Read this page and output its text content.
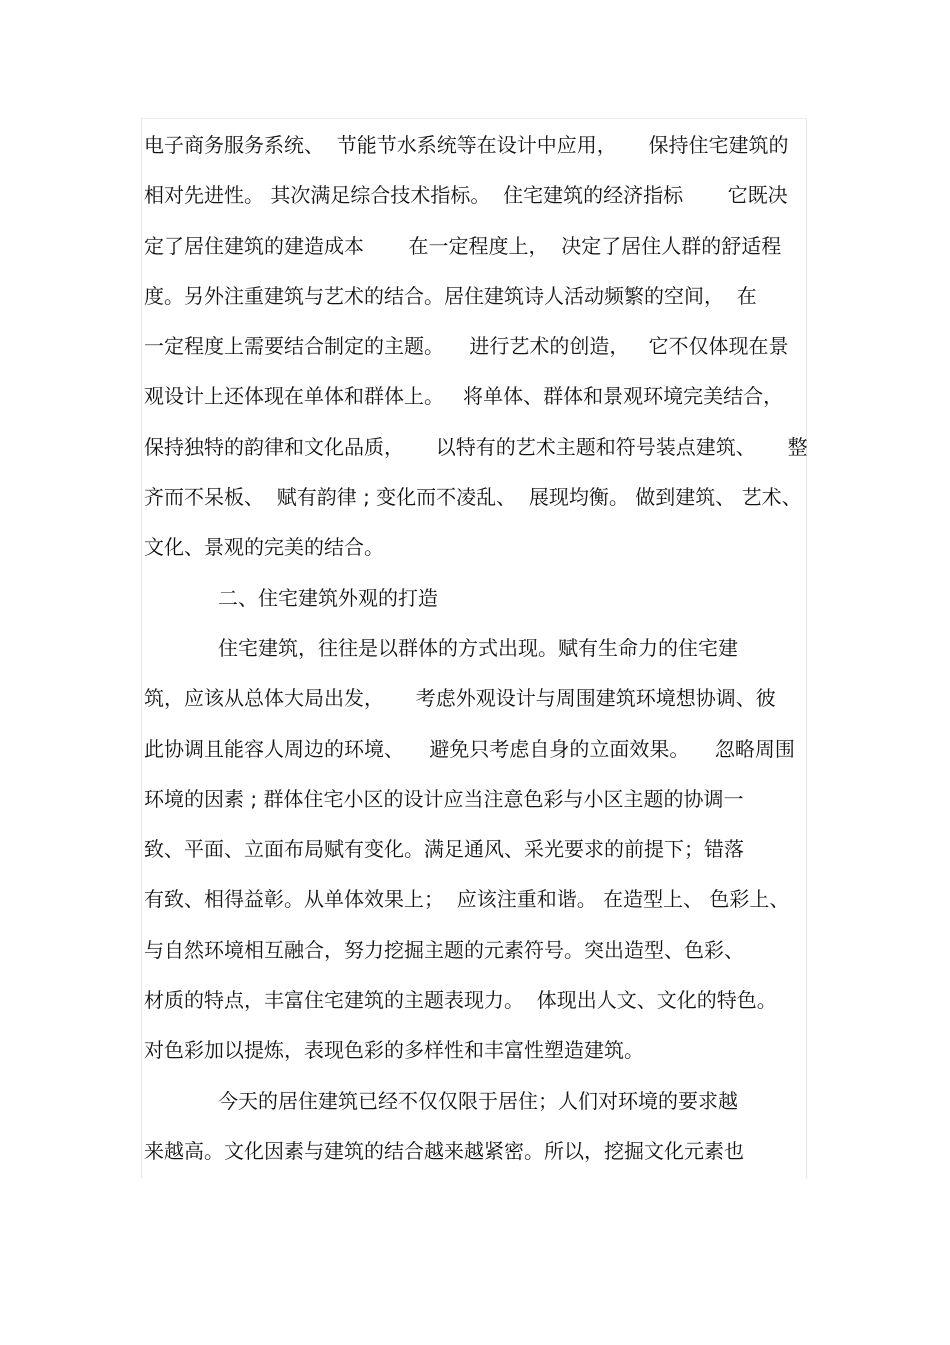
电子商务服务系统、  节能节水系统等在设计中应用，     保持住宅建筑的
相对先进性。 其次满足综合技术指标。  住宅建筑的经济指标       它既决
定了居住建筑的建造成本       在一定程度上，  决定了居住人群的舒适程
度。另外注重建筑与艺术的结合。居住建筑诗人活动频繁的空间，  在
一定程度上需要结合制定的主题。    进行艺术的创造，   它不仅体现在景
观设计上还体现在单体和群体上。   将单体、群体和景观环境完美结合，
保持独特的韵律和文化品质，     以特有的艺术主题和符号装点建筑、     整
齐而不呆板、  赋有韵律 ; 变化而不凌乱、  展现均衡。 做到建筑、 艺术、
文化、景观的完美的结合。
二、住宅建筑外观的打造
住宅建筑，往往是以群体的方式出现。赋有生命力的住宅建
筑，应该从总体大局出发，     考虑外观设计与周围建筑环境想协调、彼
此协调且能容人周边的环境、    避免只考虑自身的立面效果。    忽略周围
环境的因素 ; 群体住宅小区的设计应当注意色彩与小区主题的协调一
致、平面、立面布局赋有变化。满足通风、采光要求的前提下；错落
有致、相得益彰。从单体效果上；  应该注重和谐。 在造型上、 色彩上、
与自然环境相互融合，努力挖掘主题的元素符号。突出造型、色彩、
材质的特点，丰富住宅建筑的主题表现力。  体现出人文、文化的特色。
对色彩加以提炼，表现色彩的多样性和丰富性塑造建筑。
今天的居住建筑已经不仅仅限于居住；人们对环境的要求越
来越高。文化因素与建筑的结合越来越紧密。所以，挖掘文化元素也
